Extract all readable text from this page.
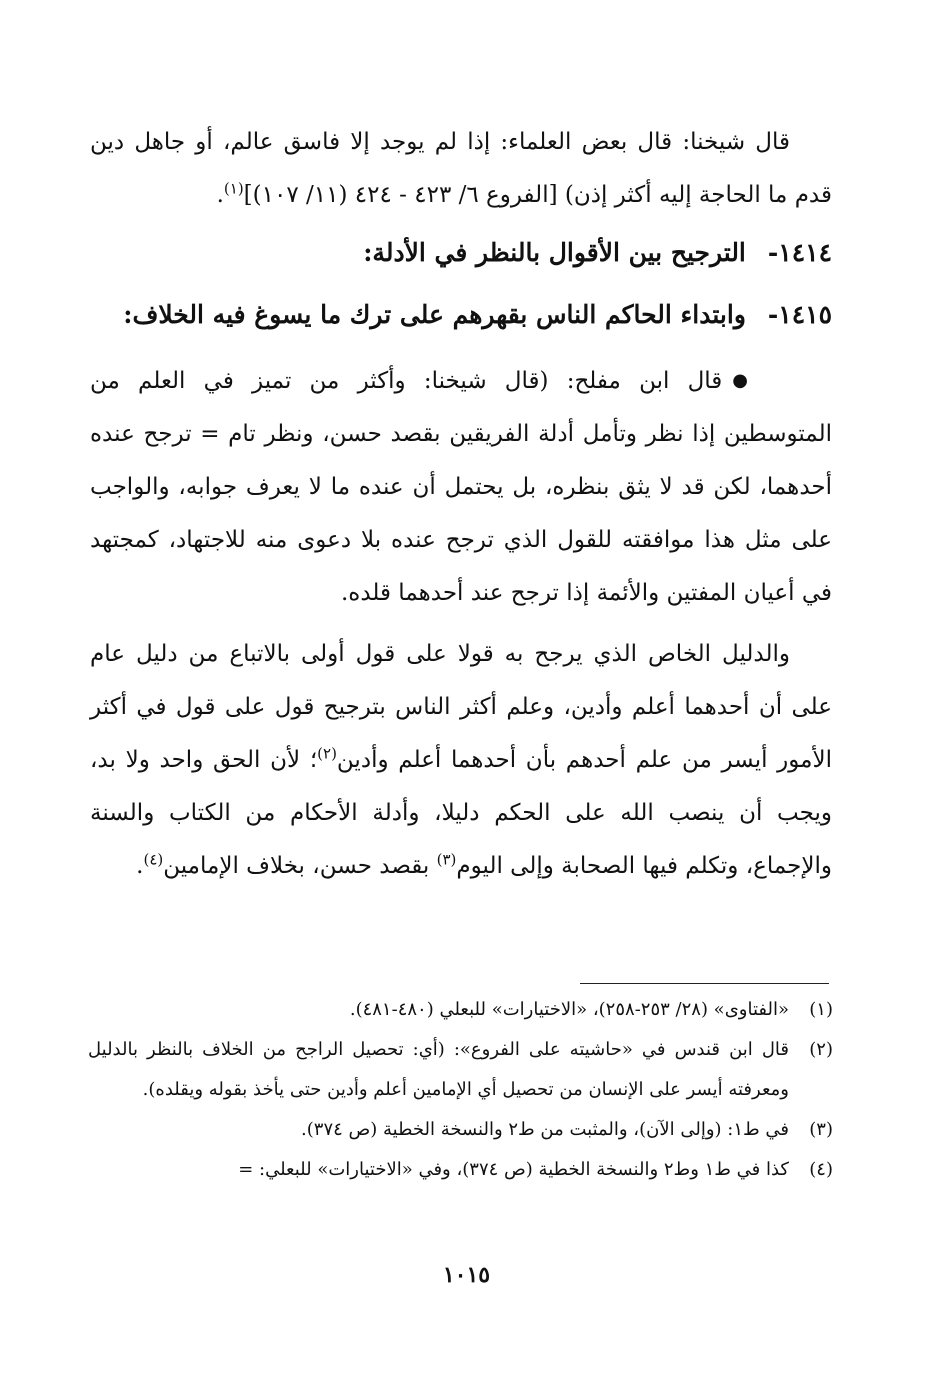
قال شيخنا: قال بعض العلماء: إذا لم يوجد إلا فاسق عالم، أو جاهل دين قدم ما الحاجة إليه أكثر إذن) [الفروع ٦/ ٤٢٣ - ٤٢٤ (١١/ ١٠٧)]$^{(١)}$.

١٤١٤-الترجيح بين الأقوال بالنظر في الأدلة:

١٤١٥-وابتداء الحاكم الناس بقهرهم على ترك ما يسوغ فيه الخلاف:

●قال ابن مفلح: (قال شيخنا: وأكثر من تميز في العلم من المتوسطين إذا نظر وتأمل أدلة الفريقين بقصد حسن، ونظر تام = ترجح عنده أحدهما، لكن قد لا يثق بنظره، بل يحتمل أن عنده ما لا يعرف جوابه، والواجب على مثل هذا موافقته للقول الذي ترجح عنده بلا دعوى منه للاجتهاد، كمجتهد في أعيان المفتين والأئمة إذا ترجح عند أحدهما قلده.

والدليل الخاص الذي يرجح به قولا على قول أولى بالاتباع من دليل عام على أن أحدهما أعلم وأدين، وعلم أكثر الناس بترجيح قول على قول في أكثر الأمور أيسر من علم أحدهم بأن أحدهما أعلم وأدين$^{(٢)}$؛ لأن الحق واحد ولا بد، ويجب أن ينصب الله على الحكم دليلا، وأدلة الأحكام من الكتاب والسنة والإجماع، وتكلم فيها الصحابة وإلى اليوم$^{(٣)}$ بقصد حسن، بخلاف الإمامين$^{(٤)}$.

(١)
«الفتاوى» (٢٨/ ٢٥٣-٢٥٨)، «الاختيارات» للبعلي (٤٨٠-٤٨١).

(٢)
قال ابن قندس في «حاشيته على الفروع»: (أي: تحصيل الراجح من الخلاف بالنظر بالدليل ومعرفته أيسر على الإنسان من تحصيل أي الإمامين أعلم وأدين حتى يأخذ بقوله ويقلده).

(٣)
في ط١: (وإلى الآن)، والمثبت من ط٢ والنسخة الخطية (ص ٣٧٤).

(٤)
كذا في ط١ وط٢ والنسخة الخطية (ص ٣٧٤)، وفي «الاختيارات» للبعلي: =

١٠١٥
